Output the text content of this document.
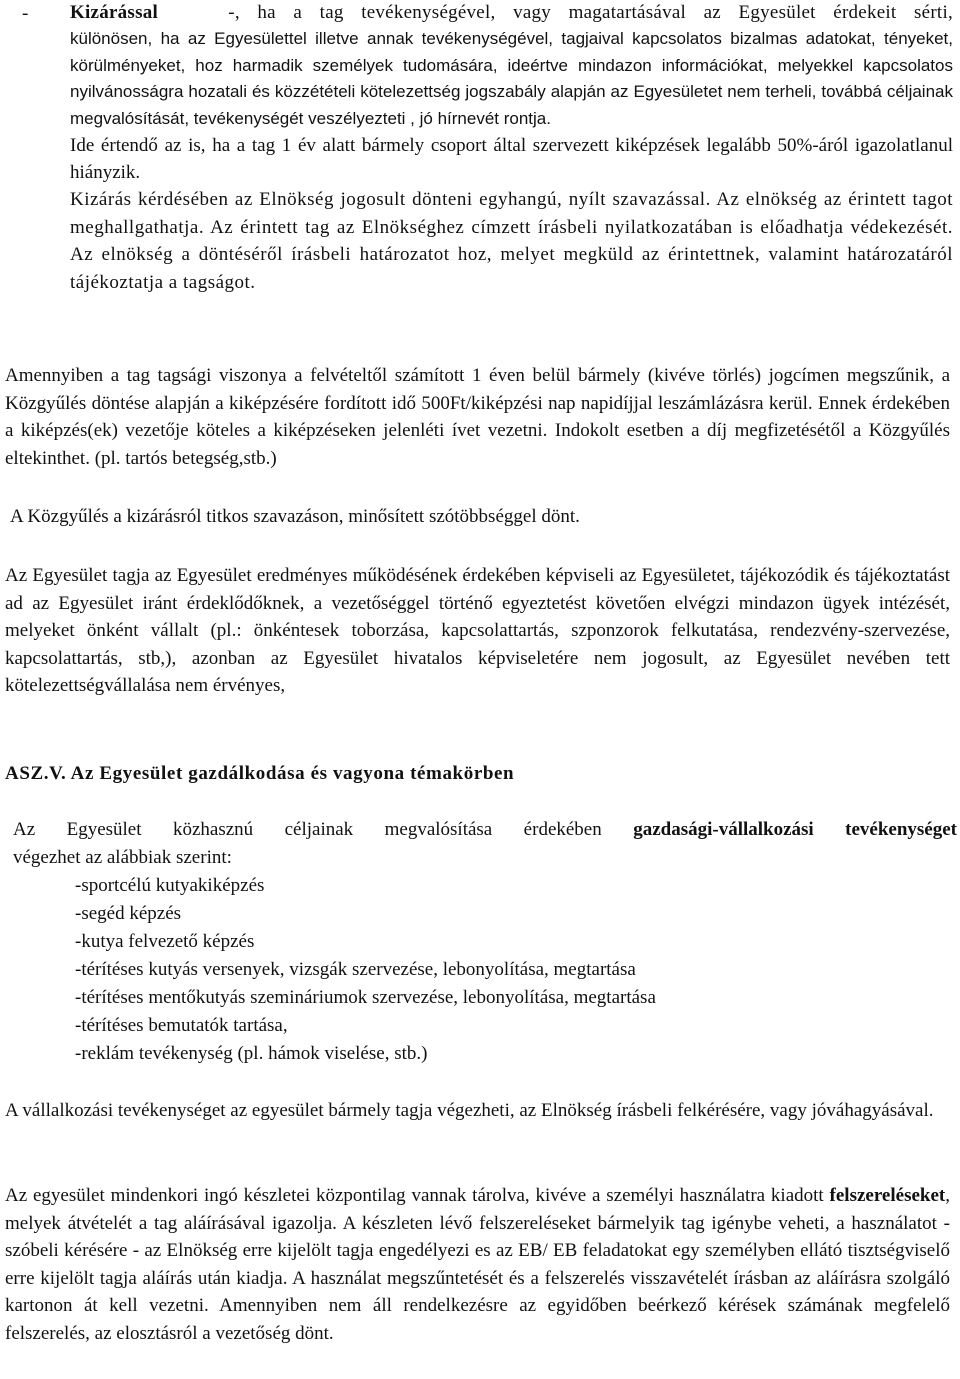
- Kizárással	-, ha a tag tevékenységével, vagy magatartásával az Egyesület érdekeit sérti,

különösen, ha az Egyesülettel illetve annak tevékenységével, tagjaival kapcsolatos bizalmas adatokat, tényeket, körülményeket, hoz harmadik személyek tudomására, ideértve mindazon információkat, melyekkel kapcsolatos nyilvánosságra hozatali és közzétételi kötelezettség jogszabály alapján az Egyesületet nem terheli, továbbá céljainak megvalósítását, tevékenységét veszélyezteti , jó hírnevét rontja.

Ide értendő az is, ha a tag 1 év alatt bármely csoport által szervezett kiképzések legalább 50%-áról igazolatlanul hiányzik.

Kizárás kérdésében az Elnökség jogosult dönteni egyhangú, nyílt szavazással. Az elnökség az érintett tagot meghallgathatja. Az érintett tag az Elnökséghez címzett írásbeli nyilatkozatában is előadhatja védekezését. Az elnökség a döntéséről írásbeli határozatot hoz, melyet megküld az érintettnek, valamint határozatáról tájékoztatja a tagságot.

Amennyiben a tag tagsági viszonya a felvételtől számított 1 éven belül bármely (kivéve törlés) jogcímen megszűnik, a Közgyűlés döntése alapján a kiképzésére fordított idő 500Ft/kiképzési nap napidíjjal leszámlázásra kerül. Ennek érdekében a kiképzés(ek) vezetője köteles a kiképzéseken jelenléti ívet vezetni. Indokolt esetben a díj megfizetésétől a Közgyűlés eltekinthet. (pl. tartós betegség,stb.)

A Közgyűlés a kizárásról titkos szavazáson, minősített szótöbbséggel dönt.

Az Egyesület tagja az Egyesület eredményes működésének érdekében képviseli az Egyesületet, tájékozódik és tájékoztatást ad az Egyesület iránt érdeklődőknek, a vezetőséggel történő egyeztetést követően elvégzi mindazon ügyek intézését, melyeket önként vállalt (pl.: önkéntesek toborzása, kapcsolattartás, szponzorok felkutatása, rendezvény-szervezése, kapcsolattartás, stb,), azonban az Egyesület hivatalos képviseletére nem jogosult, az Egyesület nevében tett kötelezettségvállalása nem érvényes,

ASZ.V. Az Egyesület gazdálkodása és vagyona témakörben

Az Egyesület közhasznú céljainak megvalósítása érdekében gazdasági-vállalkozási tevékenységet

végezhet az alábbiak szerint:

-sportcélú kutyakiképzés
-segéd képzés
-kutya felvezető képzés
-térítéses kutyás versenyek, vizsgák szervezése, lebonyolítása, megtartása
-térítéses mentőkutyás szemináriumok szervezése, lebonyolítása, megtartása
-térítéses bemutatók tartása,
-reklám tevékenység (pl. hámok viselése, stb.)

A vállalkozási tevékenységet az egyesület bármely tagja végezheti, az Elnökség írásbeli felkérésére, vagy jóváhagyásával.

Az egyesület mindenkori ingó készletei központilag vannak tárolva, kivéve a személyi használatra kiadott felszereléseket, melyek átvételét a tag aláírásával igazolja. A készleten lévő felszereléseket bármelyik tag igénybe veheti, a használatot - szóbeli kérésére - az Elnökség erre kijelölt tagja engedélyezi es az EB/ EB feladatokat egy személyben ellátó tisztségviselő erre kijelölt tagja aláírás után kiadja. A használat megszűntetését és a felszerelés visszavételét írásban az aláírásra szolgáló kartonon át kell vezetni. Amennyiben nem áll rendelkezésre az egyidőben beérkező kérések számának megfelelő felszerelés, az elosztásról a vezetőség dönt.
